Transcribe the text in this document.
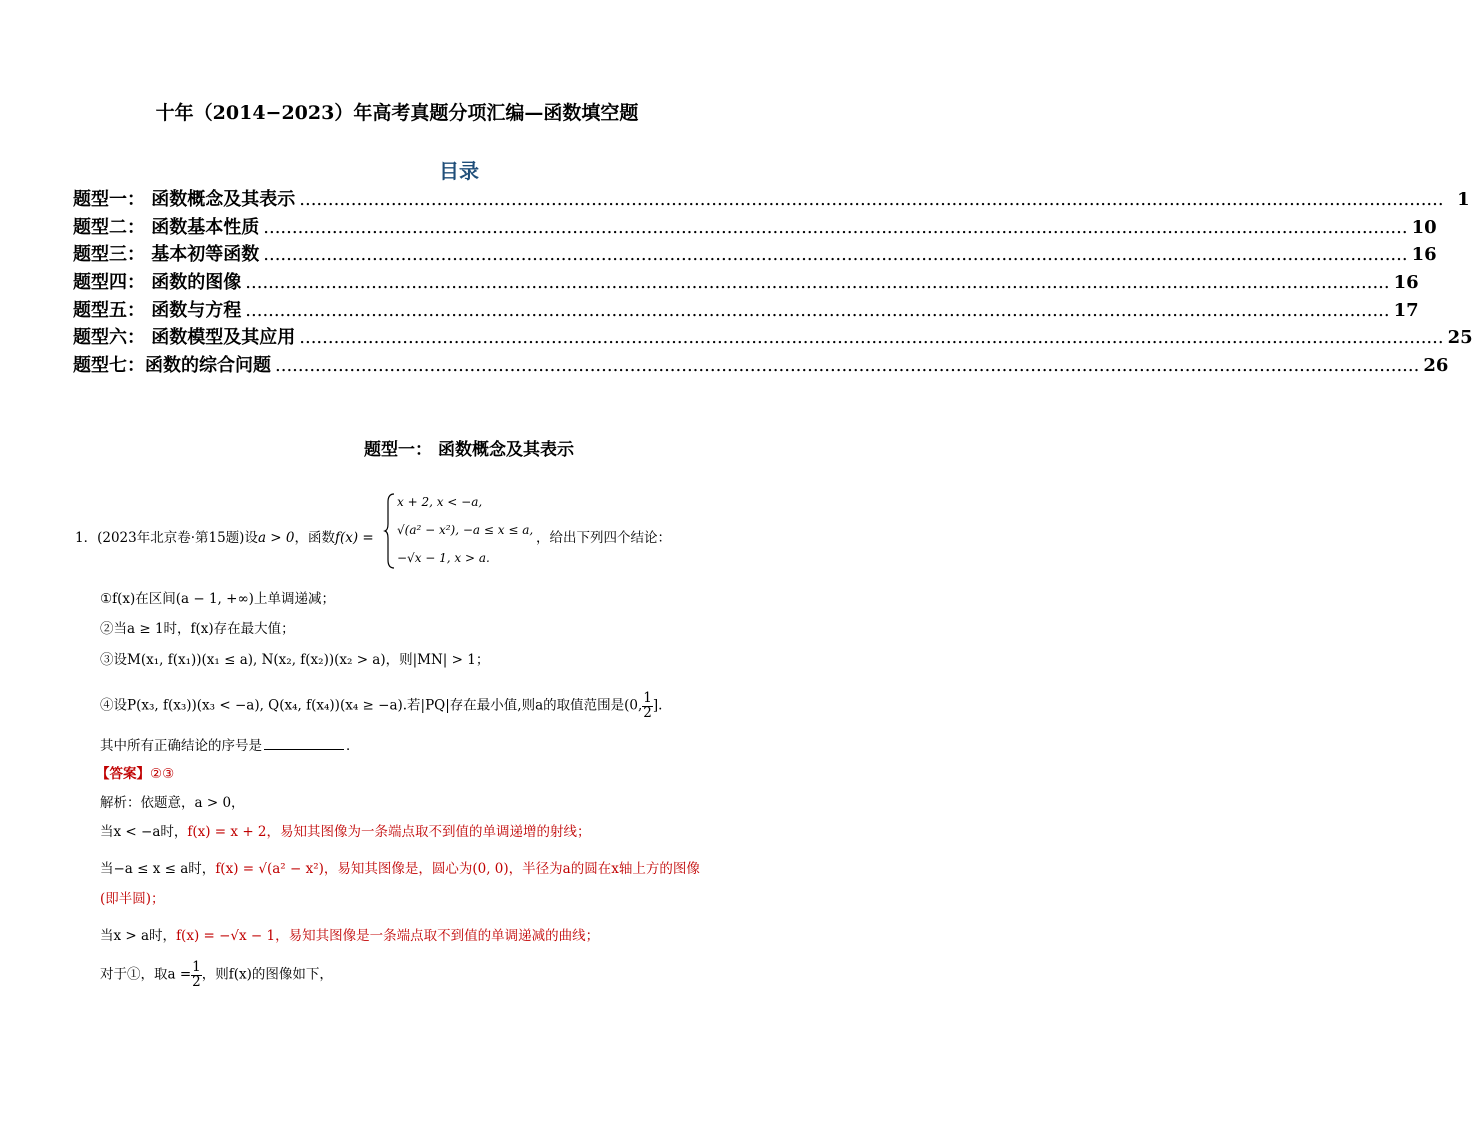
十年（2014−2023）年高考真题分项汇编—函数填空题
目录
题型一： 函数概念及其表示 ........................................................................................................................................................................................................ 1
题型二： 函数基本性质 ........................................................................................................................................................................................................ 10
题型三： 基本初等函数 ........................................................................................................................................................................................................ 16
题型四： 函数的图像 ........................................................................................................................................................................................................ 16
题型五： 函数与方程 ........................................................................................................................................................................................................ 17
题型六： 函数模型及其应用 ........................................................................................................................................................................................................ 25
题型七：函数的综合问题 ........................................................................................................................................................................................................ 26
题型一： 函数概念及其表示
1．(2023年北京卷·第15题)设a > 0，函数f(x) =
x + 2, x < −a,
√(a² − x²), −a ≤ x ≤ a,
−√x − 1, x > a.
，给出下列四个结论：
①f(x)在区间(a − 1, +∞)上单调递减；
②当a ≥ 1时，f(x)存在最大值；
③设M(x₁, f(x₁))(x₁ ≤ a), N(x₂, f(x₂))(x₂ > a)，则|MN| > 1；
④设P(x₃, f(x₃))(x₃ < −a), Q(x₄, f(x₄))(x₄ ≥ −a).若|PQ|存在最小值,则a的取值范围是(0, $\frac{1}{2}$ ].
其中所有正确结论的序号是	．
【答案】②③
解析：依题意，a > 0，
当x < −a时，f(x) = x + 2，易知其图像为一条端点取不到值的单调递增的射线；
当−a ≤ x ≤ a时，f(x) = √(a² − x²)，易知其图像是，圆心为(0, 0)，半径为a的圆在x轴上方的图像
(即半圆)；
当x > a时，f(x) = −√x − 1，易知其图像是一条端点取不到值的单调递减的曲线；
对于①，取$a = \frac{1}{2}$ ，则f(x)的图像如下，
